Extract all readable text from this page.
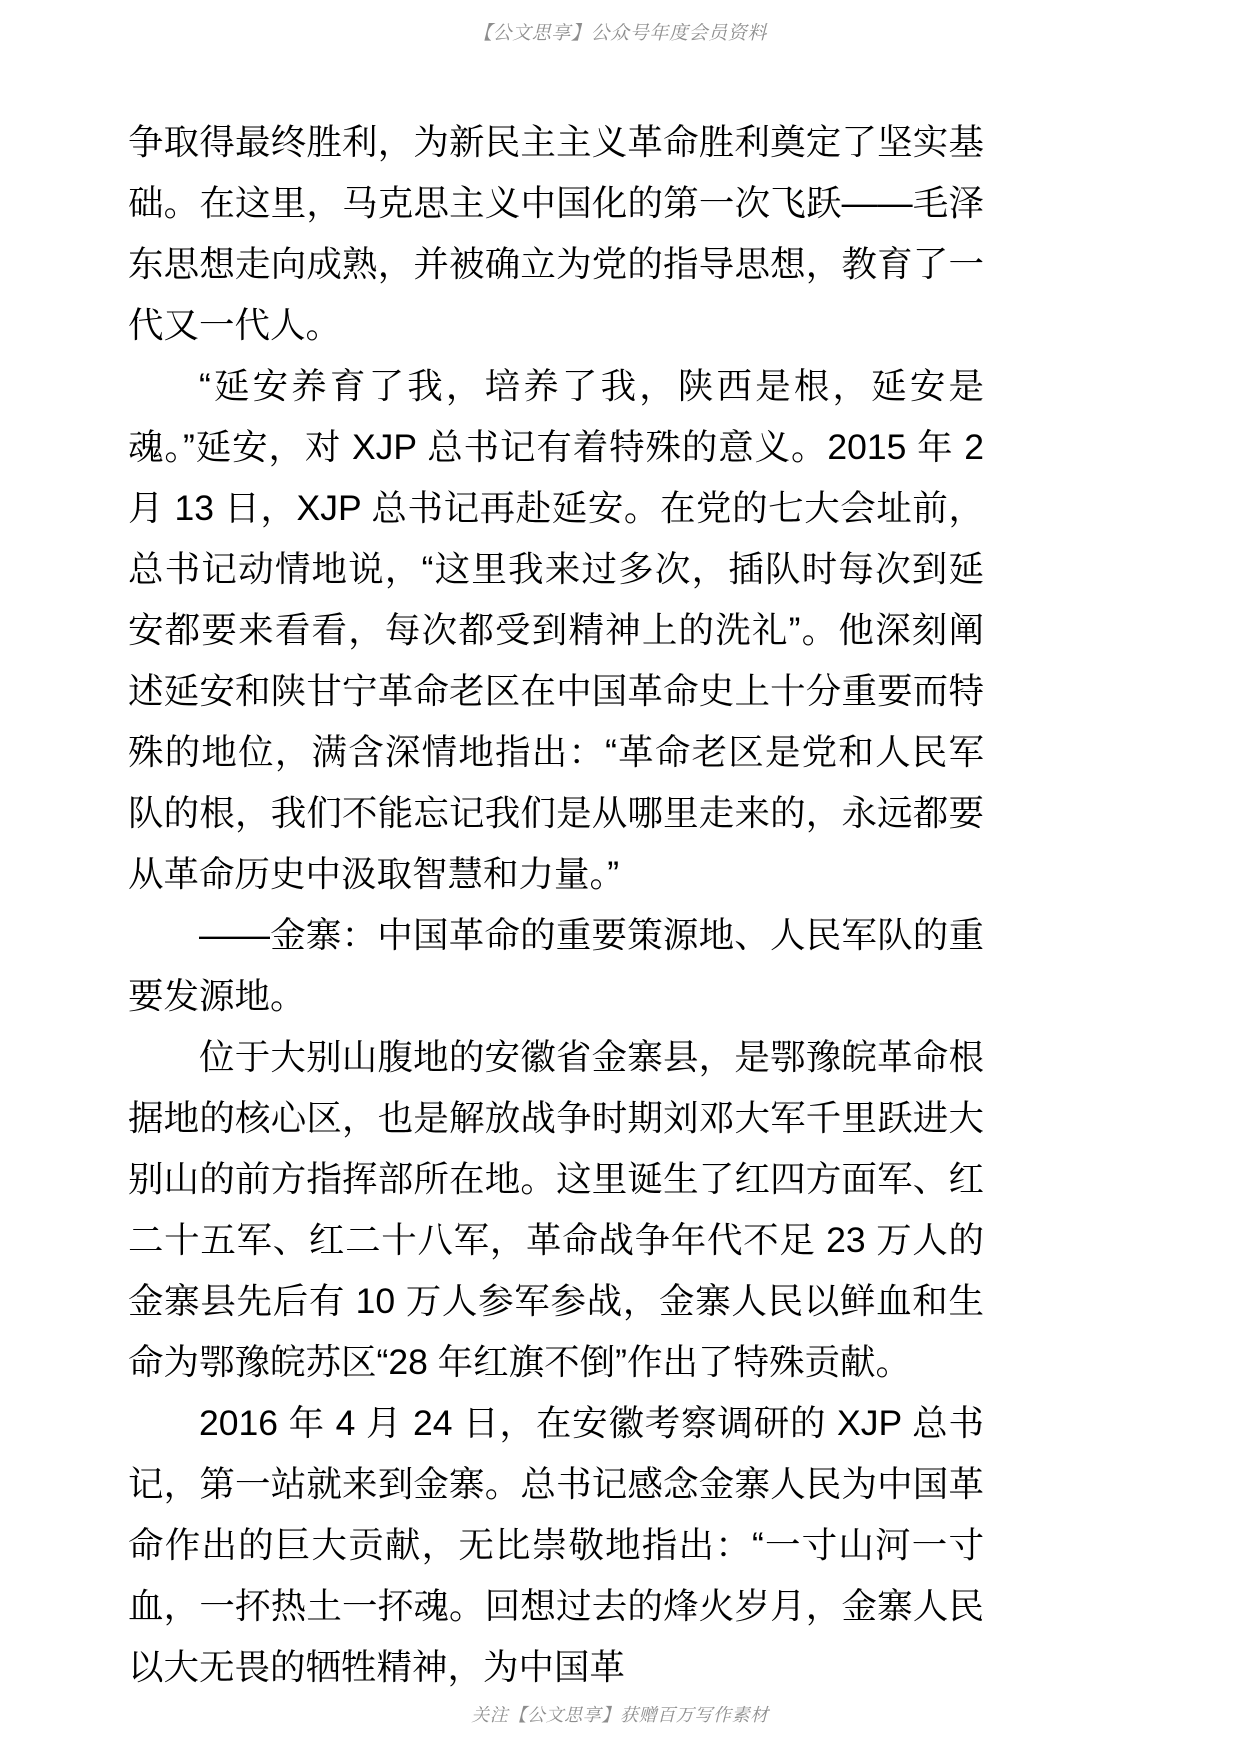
【公文思享】公众号年度会员资料

争取得最终胜利，为新民主主义革命胜利奠定了坚实基础。在这里，马克思主义中国化的第一次飞跃——毛泽东思想走向成熟，并被确立为党的指导思想，教育了一代又一代人。

“延安养育了我，培养了我，陕西是根，延安是魂。”延安，对 XJP 总书记有着特殊的意义。2015 年 2 月 13 日，XJP 总书记再赴延安。在党的七大会址前，总书记动情地说，“这里我来过多次，插队时每次到延安都要来看看，每次都受到精神上的洗礼”。他深刻阐述延安和陕甘宁革命老区在中国革命史上十分重要而特殊的地位，满含深情地指出：“革命老区是党和人民军队的根，我们不能忘记我们是从哪里走来的，永远都要从革命历史中汲取智慧和力量。”

——金寨：中国革命的重要策源地、人民军队的重要发源地。

位于大别山腹地的安徽省金寨县，是鄂豫皖革命根据地的核心区，也是解放战争时期刘邓大军千里跃进大别山的前方指挥部所在地。这里诞生了红四方面军、红二十五军、红二十八军，革命战争年代不足 23 万人的金寨县先后有 10 万人参军参战，金寨人民以鲜血和生命为鄂豫皖苏区“28 年红旗不倒”作出了特殊贡献。

2016 年 4 月 24 日，在安徽考察调研的 XJP 总书记，第一站就来到金寨。总书记感念金寨人民为中国革命作出的巨大贡献，无比崇敬地指出：“一寸山河一寸血，一抔热土一抔魂。回想过去的烽火岁月，金寨人民以大无畏的牺牲精神，为中国革

关注【公文思享】获赠百万写作素材
